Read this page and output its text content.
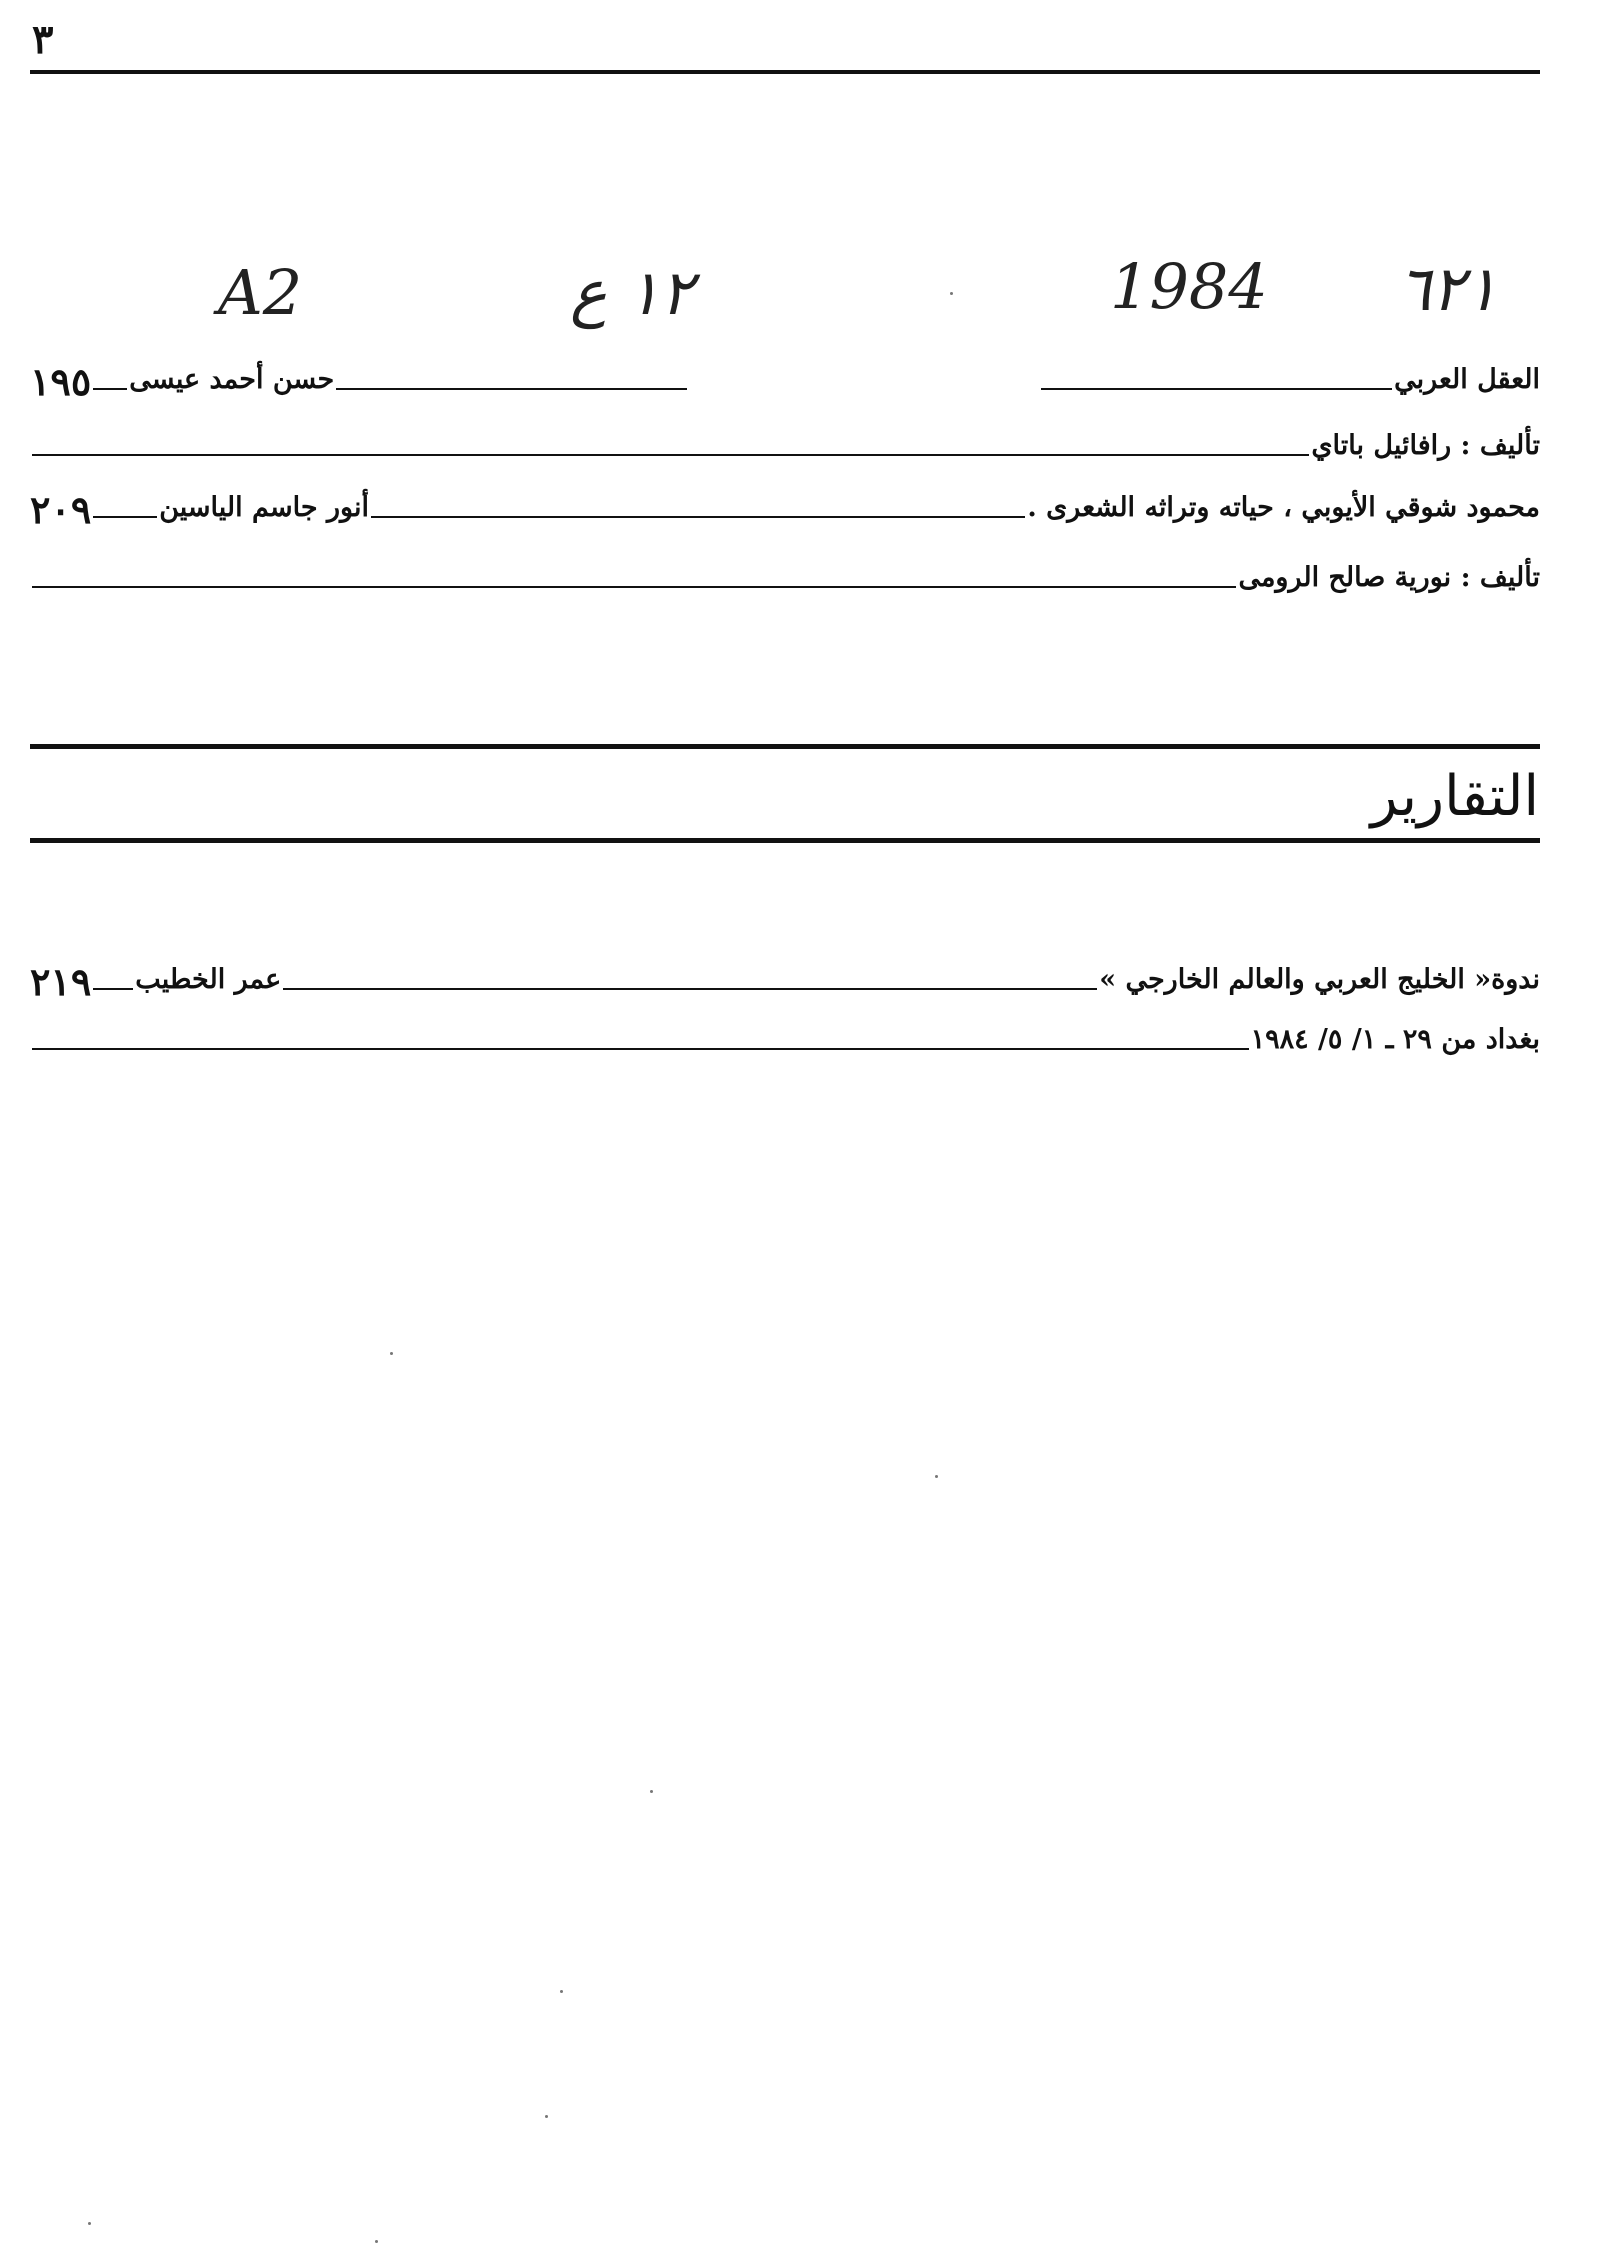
٣
A2	١٢ ع	1984 ٦٢١
العقل العربي
حسن أحمد عيسى
١٩٥
تأليف : رافائيل باتاي
محمود شوقي الأيوبي ، حياته وتراثه الشعرى .
أنور جاسم الياسين
٢٠٩
تأليف : نورية صالح الرومى
التقارير
ندوة« الخليج العربي والعالم الخارجي »
عمر الخطيب
٢١٩
بغداد من ٢٩ ـ ١/ ٥/ ١٩٨٤
